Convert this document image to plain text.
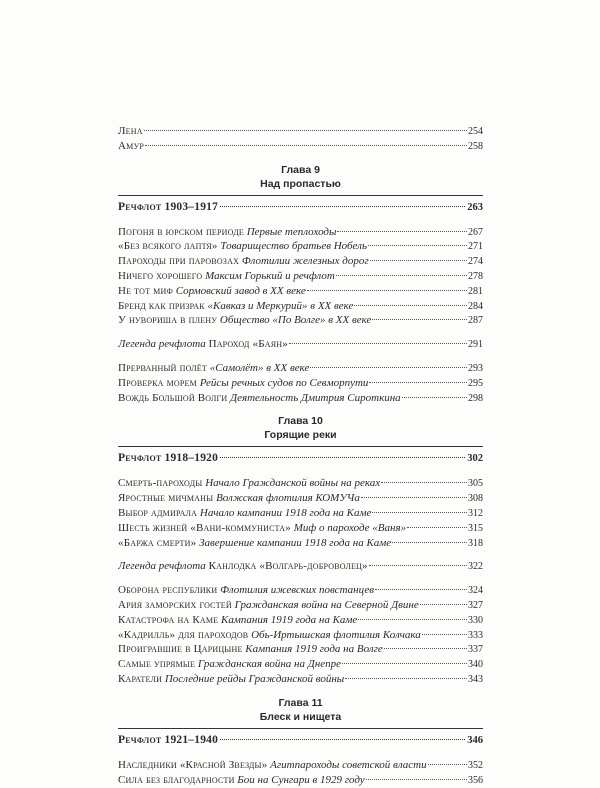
Лена	254
Амур	258
Глава 9
Над пропастью
Речфлот 1903–1917	263
Погоня в юрском периоде Первые теплоходы	267
«Без всякого лаптя» Товарищество братьев Нобель	271
Пароходы при паровозах Флотилии железных дорог	274
Ничего хорошего Максим Горький и речфлот	278
Не тот миф Сормовский завод в XX веке	281
Бренд как призрак «Кавказ и Меркурий» в XX веке	284
У нувориша в плену Общество «По Волге» в XX веке	287
Легенда речфлота Пароход «Баян»	291
Прерванный полёт «Самолёт» в XX веке	293
Проверка морем Рейсы речных судов по Севморпути	295
Вождь Большой Волги Деятельность Дмитрия Сироткина	298
Глава 10
Горящие реки
Речфлот 1918–1920	302
Смерть-пароходы Начало Гражданской войны на реках	305
Яростные мичманы Волжская флотилия КОМУЧа	308
Выбор адмирала Начало кампании 1918 года на Каме	312
Шесть жизней «Вани-коммуниста» Миф о пароходе «Ваня»	315
«Баржа смерти» Завершение кампании 1918 года на Каме	318
Легенда речфлота Канлодка «Волгарь-доброволец»	322
Оборона республики Флотилия ижевских повстанцев	324
Ария заморских гостей Гражданская война на Северной Двине	327
Катастрофа на Каме Кампания 1919 года на Каме	330
«Кадрилль» для пароходов Обь-Иртышская флотилия Колчака	333
Проигравшие в Царицыне Кампания 1919 года на Волге	337
Самые упрямые Гражданская война на Днепре	340
Каратели Последние рейды Гражданской войны	343
Глава 11
Блеск и нищета
Речфлот 1921–1940	346
Наследники «Красной Звезды» Агитпароходы советской власти	352
Сила без благодарности Бои на Сунгари в 1929 году	356
